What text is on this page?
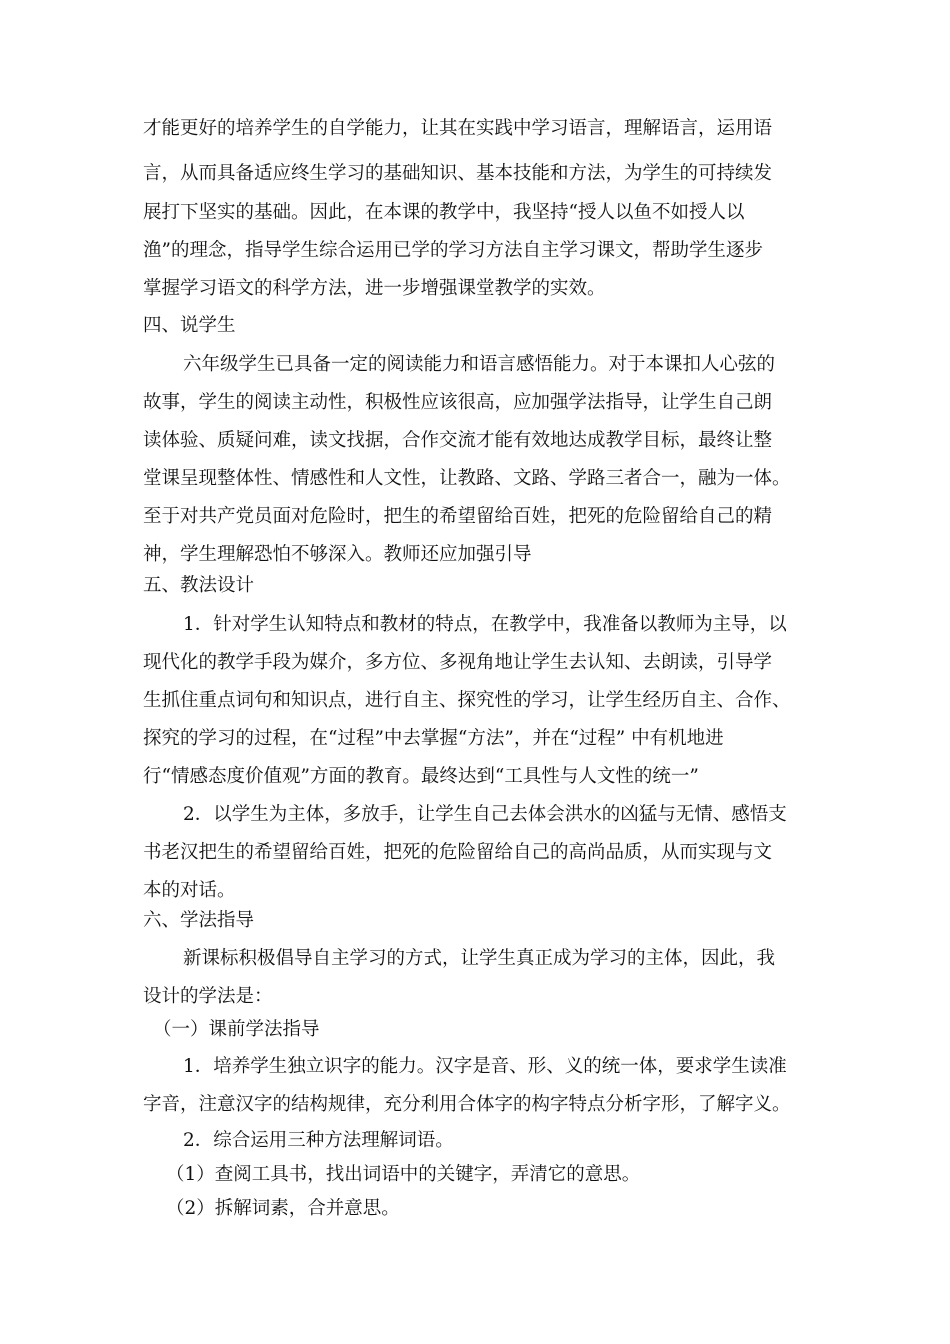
才能更好的培养学生的自学能力，让其在实践中学习语言，理解语言，运用语
言，从而具备适应终生学习的基础知识、基本技能和方法，为学生的可持续发
展打下坚实的基础。因此，在本课的教学中，我坚持“授人以鱼不如授人以
渔”的理念，指导学生综合运用已学的学习方法自主学习课文，帮助学生逐步
掌握学习语文的科学方法，进一步增强课堂教学的实效。
四、说学生
六年级学生已具备一定的阅读能力和语言感悟能力。对于本课扣人心弦的
故事，学生的阅读主动性，积极性应该很高，应加强学法指导，让学生自己朗
读体验、质疑问难，读文找据，合作交流才能有效地达成教学目标，最终让整
堂课呈现整体性、情感性和人文性，让教路、文路、学路三者合一，融为一体。
至于对共产党员面对危险时，把生的希望留给百姓，把死的危险留给自己的精
神，学生理解恐怕不够深入。教师还应加强引导
五、教法设计
1．针对学生认知特点和教材的特点，在教学中，我准备以教师为主导，以
现代化的教学手段为媒介，多方位、多视角地让学生去认知、去朗读，引导学
生抓住重点词句和知识点，进行自主、探究性的学习，让学生经历自主、合作、
探究的学习的过程，在“过程”中去掌握“方法”，并在“过程” 中有机地进
行“情感态度价值观”方面的教育。最终达到“工具性与人文性的统一”
2．以学生为主体，多放手，让学生自己去体会洪水的凶猛与无情、感悟支
书老汉把生的希望留给百姓，把死的危险留给自己的高尚品质，从而实现与文
本的对话。
六、学法指导
新课标积极倡导自主学习的方式，让学生真正成为学习的主体，因此，我
设计的学法是：
（一）课前学法指导
1．培养学生独立识字的能力。汉字是音、形、义的统一体，要求学生读准
字音，注意汉字的结构规律，充分利用合体字的构字特点分析字形，了解字义。
2．综合运用三种方法理解词语。
（1）查阅工具书，找出词语中的关键字，弄清它的意思。
（2）拆解词素，合并意思。
